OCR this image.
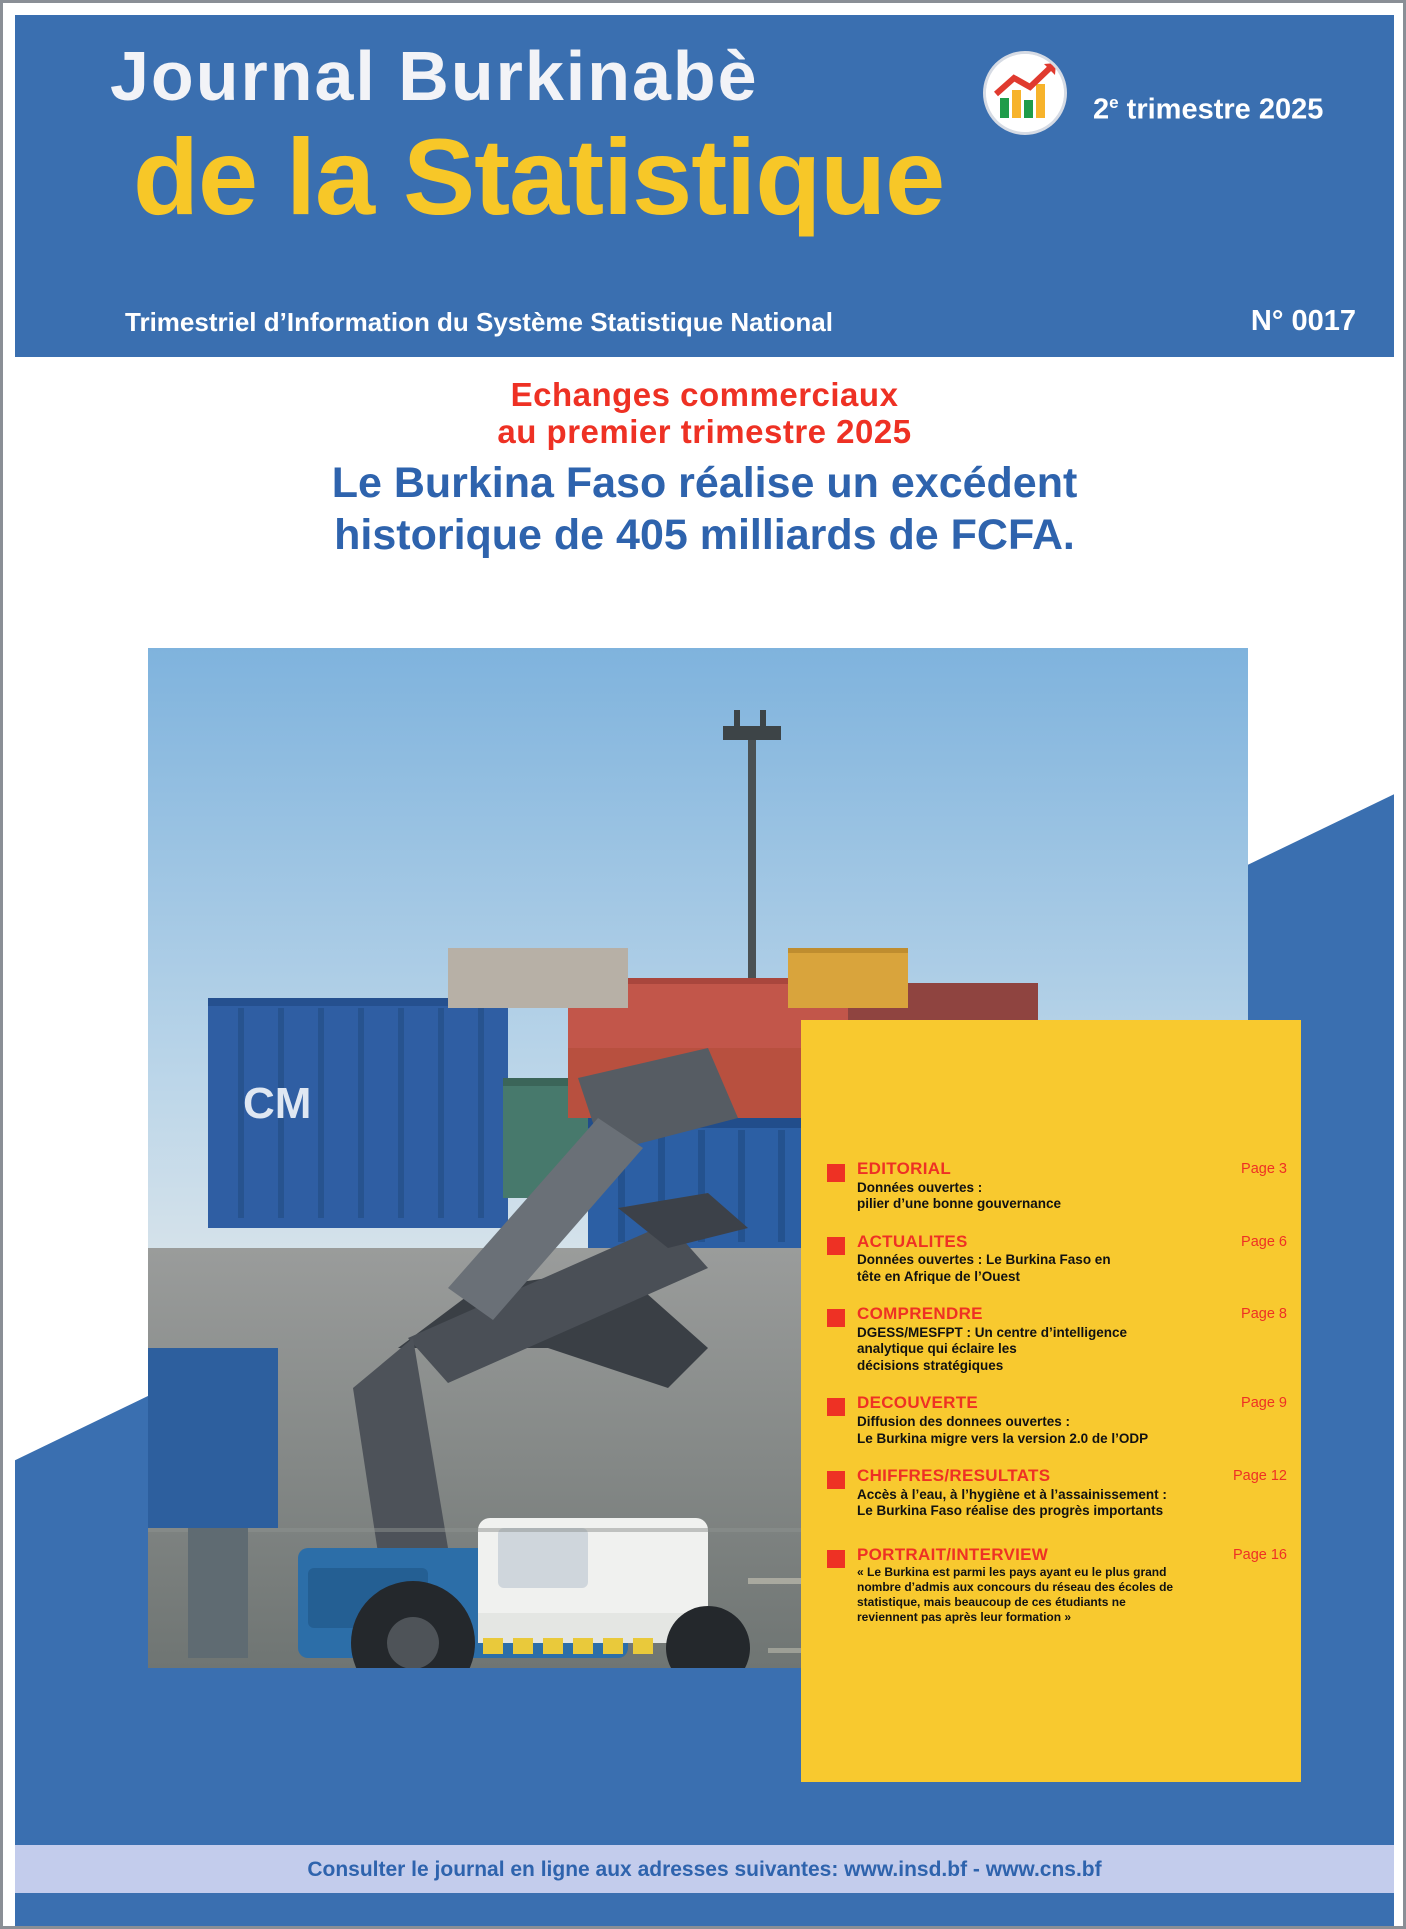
Journal Burkinabè	2e trimestre 2025
de la Statistique
Trimestriel d’Information du Système Statistique National	N° 0017
Echanges commerciaux
au premier trimestre 2025
Le Burkina Faso réalise un excédent
historique de 405 milliards de FCFA.
CM
EDITORIAL
Données ouvertes :
pilier d’une bonne gouvernance
Page 3
ACTUALITES
Données ouvertes : Le Burkina Faso en
tête en Afrique de l’Ouest
Page 6
COMPRENDRE
DGESS/MESFPT : Un centre d’intelligence
analytique qui éclaire les
décisions stratégiques
Page 8
DECOUVERTE
Diffusion des donnees ouvertes :
Le Burkina migre vers la version 2.0 de l’ODP
Page 9
CHIFFRES/RESULTATS
Accès à l’eau, à l’hygiène et à l’assainissement :
Le Burkina Faso réalise des progrès importants
Page 12
PORTRAIT/INTERVIEW
« Le Burkina est parmi les pays ayant eu le plus grand
nombre d’admis aux concours du réseau des écoles de
statistique, mais beaucoup de ces étudiants ne
reviennent pas après leur formation »
Page 16
Consulter le journal en ligne aux adresses suivantes: www.insd.bf - www.cns.bf
